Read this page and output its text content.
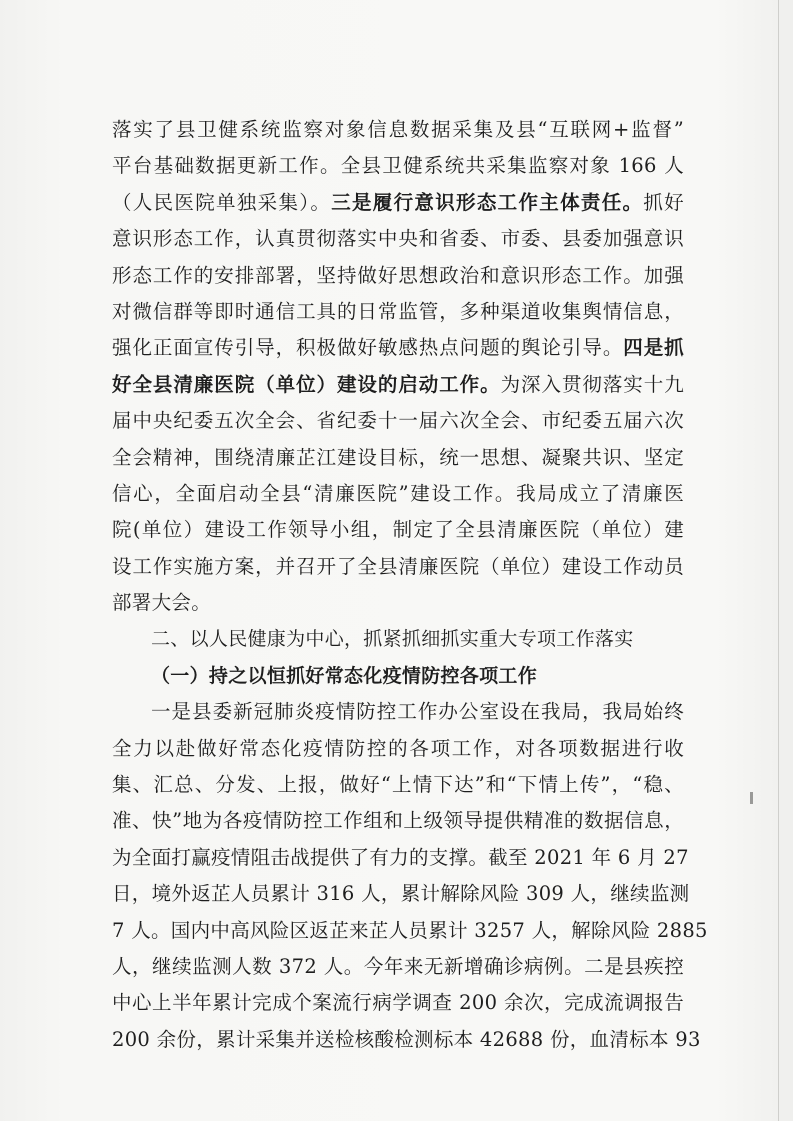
落实了县卫健系统监察对象信息数据采集及县“互联网+监督”
平台基础数据更新工作。全县卫健系统共采集监察对象 166 人
（人民医院单独采集）。三是履行意识形态工作主体责任。抓好
意识形态工作，认真贯彻落实中央和省委、市委、县委加强意识
形态工作的安排部署，坚持做好思想政治和意识形态工作。加强
对微信群等即时通信工具的日常监管，多种渠道收集舆情信息，
强化正面宣传引导，积极做好敏感热点问题的舆论引导。四是抓
好全县清廉医院（单位）建设的启动工作。为深入贯彻落实十九
届中央纪委五次全会、省纪委十一届六次全会、市纪委五届六次
全会精神，围绕清廉芷江建设目标，统一思想、凝聚共识、坚定
信心，全面启动全县“清廉医院”建设工作。我局成立了清廉医
院(单位）建设工作领导小组，制定了全县清廉医院（单位）建
设工作实施方案，并召开了全县清廉医院（单位）建设工作动员
部署大会。
二、以人民健康为中心，抓紧抓细抓实重大专项工作落实
（一）持之以恒抓好常态化疫情防控各项工作
一是县委新冠肺炎疫情防控工作办公室设在我局，我局始终
全力以赴做好常态化疫情防控的各项工作，对各项数据进行收
集、汇总、分发、上报，做好“上情下达”和“下情上传”，“稳、
准、快”地为各疫情防控工作组和上级领导提供精准的数据信息，
为全面打赢疫情阻击战提供了有力的支撑。截至 2021 年 6 月 27
日，境外返芷人员累计 316 人，累计解除风险 309 人，继续监测
7 人。国内中高风险区返芷来芷人员累计 3257 人，解除风险 2885
人，继续监测人数 372 人。今年来无新增确诊病例。二是县疾控
中心上半年累计完成个案流行病学调查 200 余次，完成流调报告
200 余份，累计采集并送检核酸检测标本 42688 份，血清标本 93
